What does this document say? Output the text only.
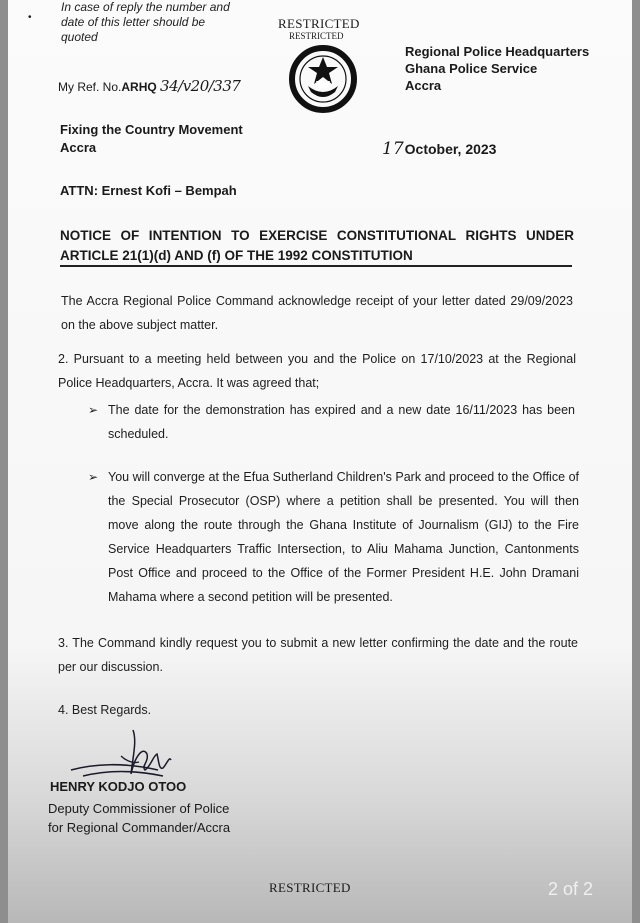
•
In case of reply the number and date of this letter should be quoted
RESTRICTED
RESTRICTED
Regional Police Headquarters
Ghana Police Service
Accra
My Ref. No.ARHQ 34/v20/337
Fixing the Country Movement
Accra	17October, 2023
ATTN: Ernest Kofi – Bempah
NOTICE OF INTENTION TO EXERCISE CONSTITUTIONAL RIGHTS UNDER ARTICLE 21(1)(d) AND (f) OF THE 1992 CONSTITUTION
The Accra Regional Police Command acknowledge receipt of your letter dated 29/09/2023 on the above subject matter.
2. Pursuant to a meeting held between you and the Police on 17/10/2023 at the Regional Police Headquarters, Accra. It was agreed that;
➢ The date for the demonstration has expired and a new date 16/11/2023 has been scheduled.
➢ You will converge at the Efua Sutherland Children's Park and proceed to the Office of the Special Prosecutor (OSP) where a petition shall be presented. You will then move along the route through the Ghana Institute of Journalism (GIJ) to the Fire Service Headquarters Traffic Intersection, to Aliu Mahama Junction, Cantonments Post Office and proceed to the Office of the Former President H.E. John Dramani Mahama where a second petition will be presented.
3. The Command kindly request you to submit a new letter confirming the date and the route per our discussion.
4. Best Regards.
HENRY KODJO OTOO
Deputy Commissioner of Police
for Regional Commander/Accra
RESTRICTED	2 of 2
